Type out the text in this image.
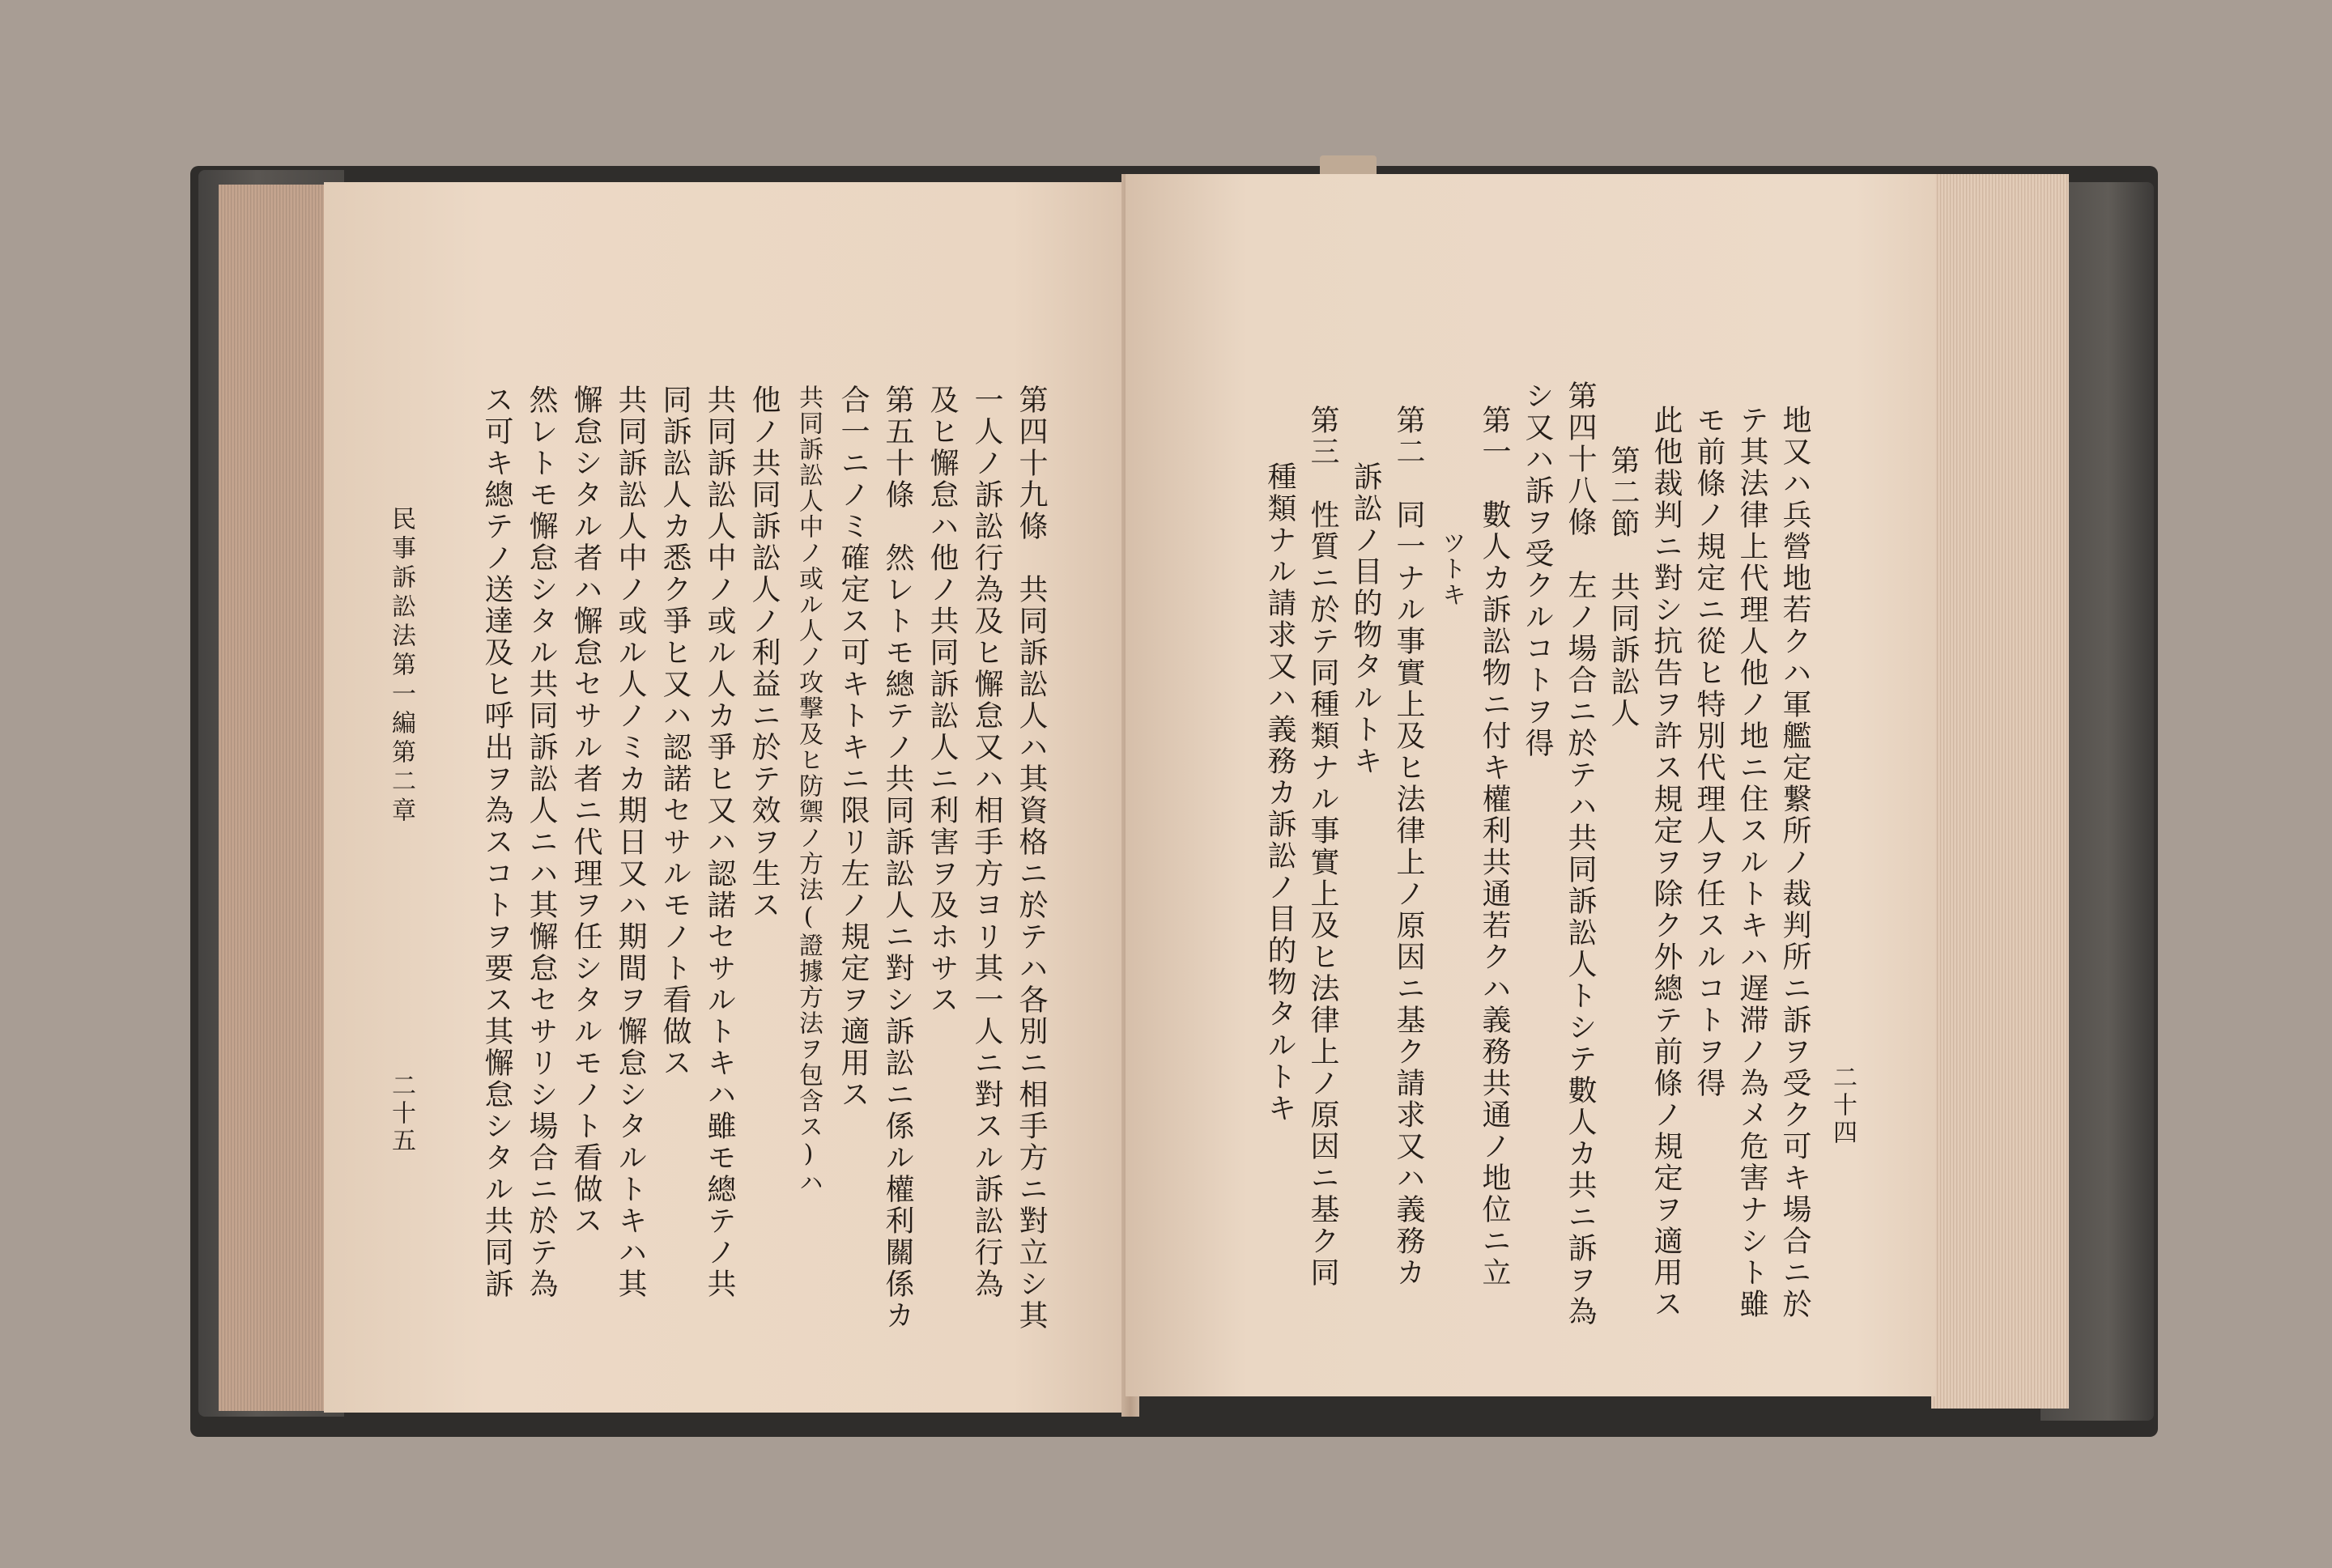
第四十九條　共同訴訟人ハ其資格ニ於テハ各別ニ相手方ニ對立シ其
一人ノ訴訟行為及ヒ懈怠又ハ相手方ヨリ其一人ニ對スル訴訟行為
及ヒ懈怠ハ他ノ共同訴訟人ニ利害ヲ及ホサス
第五十條　然レトモ總テノ共同訴訟人ニ對シ訴訟ニ係ル權利關係カ
合一ニノミ確定ス可キトキニ限リ左ノ規定ヲ適用ス
共同訴訟人中ノ或ル人ノ攻撃及ヒ防禦ノ方法(證據方法ヲ包含ス)ハ
他ノ共同訴訟人ノ利益ニ於テ效ヲ生ス
共同訴訟人中ノ或ル人カ爭ヒ又ハ認諾セサルトキハ雖モ總テノ共
同訴訟人カ悉ク爭ヒ又ハ認諾セサルモノト看做ス
共同訴訟人中ノ或ル人ノミカ期日又ハ期間ヲ懈怠シタルトキハ其
懈怠シタル者ハ懈怠セサル者ニ代理ヲ任シタルモノト看做ス
然レトモ懈怠シタル共同訴訟人ニハ其懈怠セサリシ場合ニ於テ為
ス可キ總テノ送達及ヒ呼出ヲ為スコトヲ要ス其懈怠シタル共同訴
民事訴訟法第一編第二章
二十五	地又ハ兵營地若クハ軍艦定繋所ノ裁判所ニ訴ヲ受ク可キ場合ニ於
テ其法律上代理人他ノ地ニ住スルトキハ遅滞ノ為メ危害ナシト雖
モ前條ノ規定ニ從ヒ特別代理人ヲ任スルコトヲ得
此他裁判ニ對シ抗告ヲ許ス規定ヲ除ク外總テ前條ノ規定ヲ適用ス
第二節　共同訴訟人
第四十八條　左ノ場合ニ於テハ共同訴訟人トシテ數人カ共ニ訴ヲ為
シ又ハ訴ヲ受クルコトヲ得
第一　數人カ訴訟物ニ付キ權利共通若クハ義務共通ノ地位ニ立
ツトキ
第二　同一ナル事實上及ヒ法律上ノ原因ニ基ク請求又ハ義務カ
訴訟ノ目的物タルトキ
第三　性質ニ於テ同種類ナル事實上及ヒ法律上ノ原因ニ基ク同
種類ナル請求又ハ義務カ訴訟ノ目的物タルトキ	二十四
